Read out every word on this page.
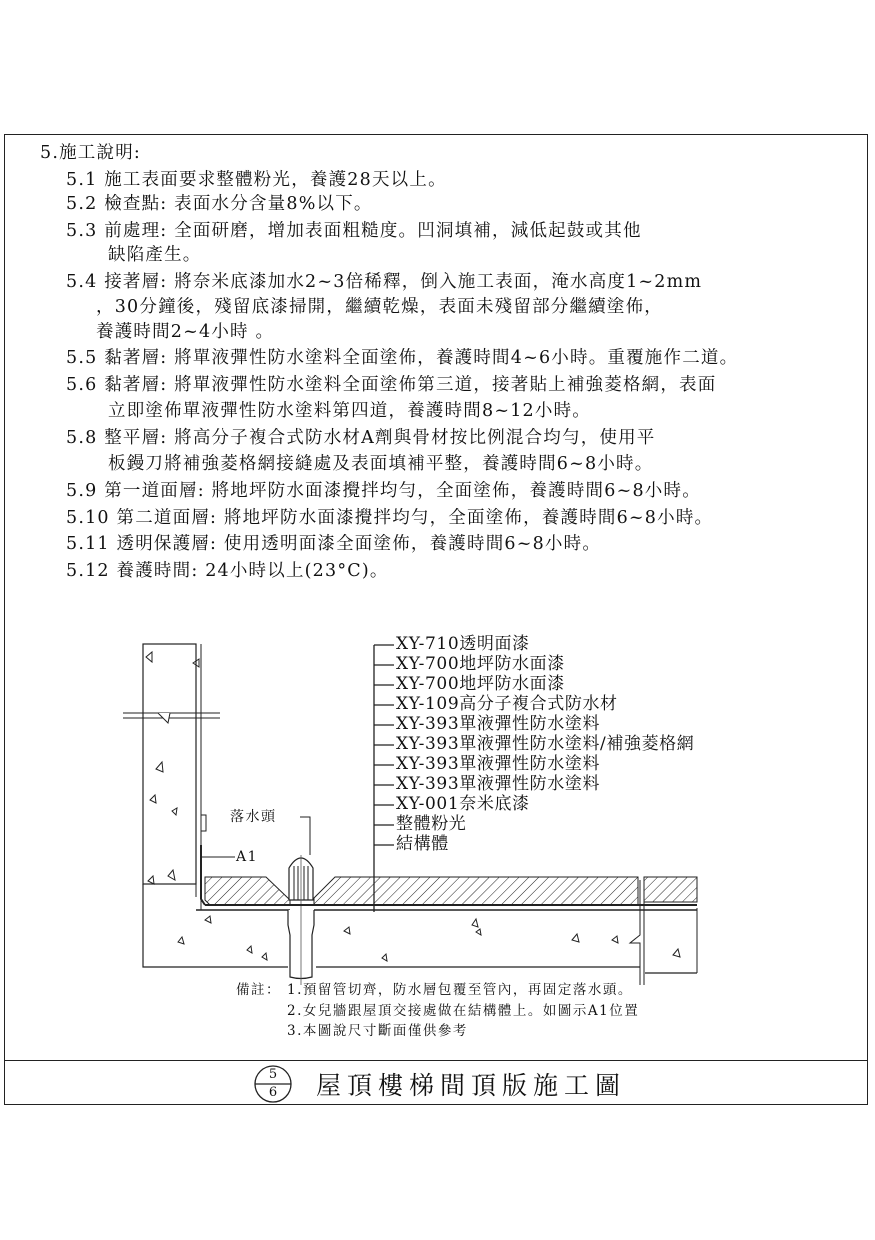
5.施工說明:
5.1 施工表面要求整體粉光，養護28天以上。
5.2 檢查點: 表面水分含量8%以下。
5.3 前處理: 全面研磨，增加表面粗糙度。凹洞填補，減低起鼓或其他
缺陷產生。
5.4 接著層: 將奈米底漆加水2~3倍稀釋，倒入施工表面，淹水高度1~2mm
，30分鐘後，殘留底漆掃開，繼續乾燥，表面未殘留部分繼續塗佈，
養護時間2~4小時 。
5.5 黏著層: 將單液彈性防水塗料全面塗佈，養護時間4~6小時。重覆施作二道。
5.6 黏著層: 將單液彈性防水塗料全面塗佈第三道，接著貼上補強菱格網，表面
立即塗佈單液彈性防水塗料第四道，養護時間8~12小時。
5.8 整平層: 將高分子複合式防水材A劑與骨材按比例混合均勻，使用平
板鏝刀將補強菱格網接縫處及表面填補平整，養護時間6~8小時。
5.9 第一道面層: 將地坪防水面漆攪拌均勻，全面塗佈，養護時間6~8小時。
5.10 第二道面層: 將地坪防水面漆攪拌均勻，全面塗佈，養護時間6~8小時。
5.11 透明保護層: 使用透明面漆全面塗佈，養護時間6~8小時。
5.12 養護時間: 24小時以上(23°C)。
XY-710透明面漆
XY-700地坪防水面漆
XY-700地坪防水面漆
XY-109高分子複合式防水材
XY-393單液彈性防水塗料
XY-393單液彈性防水塗料/補強菱格網
XY-393單液彈性防水塗料
XY-393單液彈性防水塗料
XY-001奈米底漆
整體粉光
結構體
落水頭
A1
備註： 1.預留管切齊，防水層包覆至管內，再固定落水頭。
2.女兒牆跟屋頂交接處做在結構體上。如圖示A1位置
3.本圖說尺寸斷面僅供參考
5
6	屋頂樓梯間頂版施工圖
